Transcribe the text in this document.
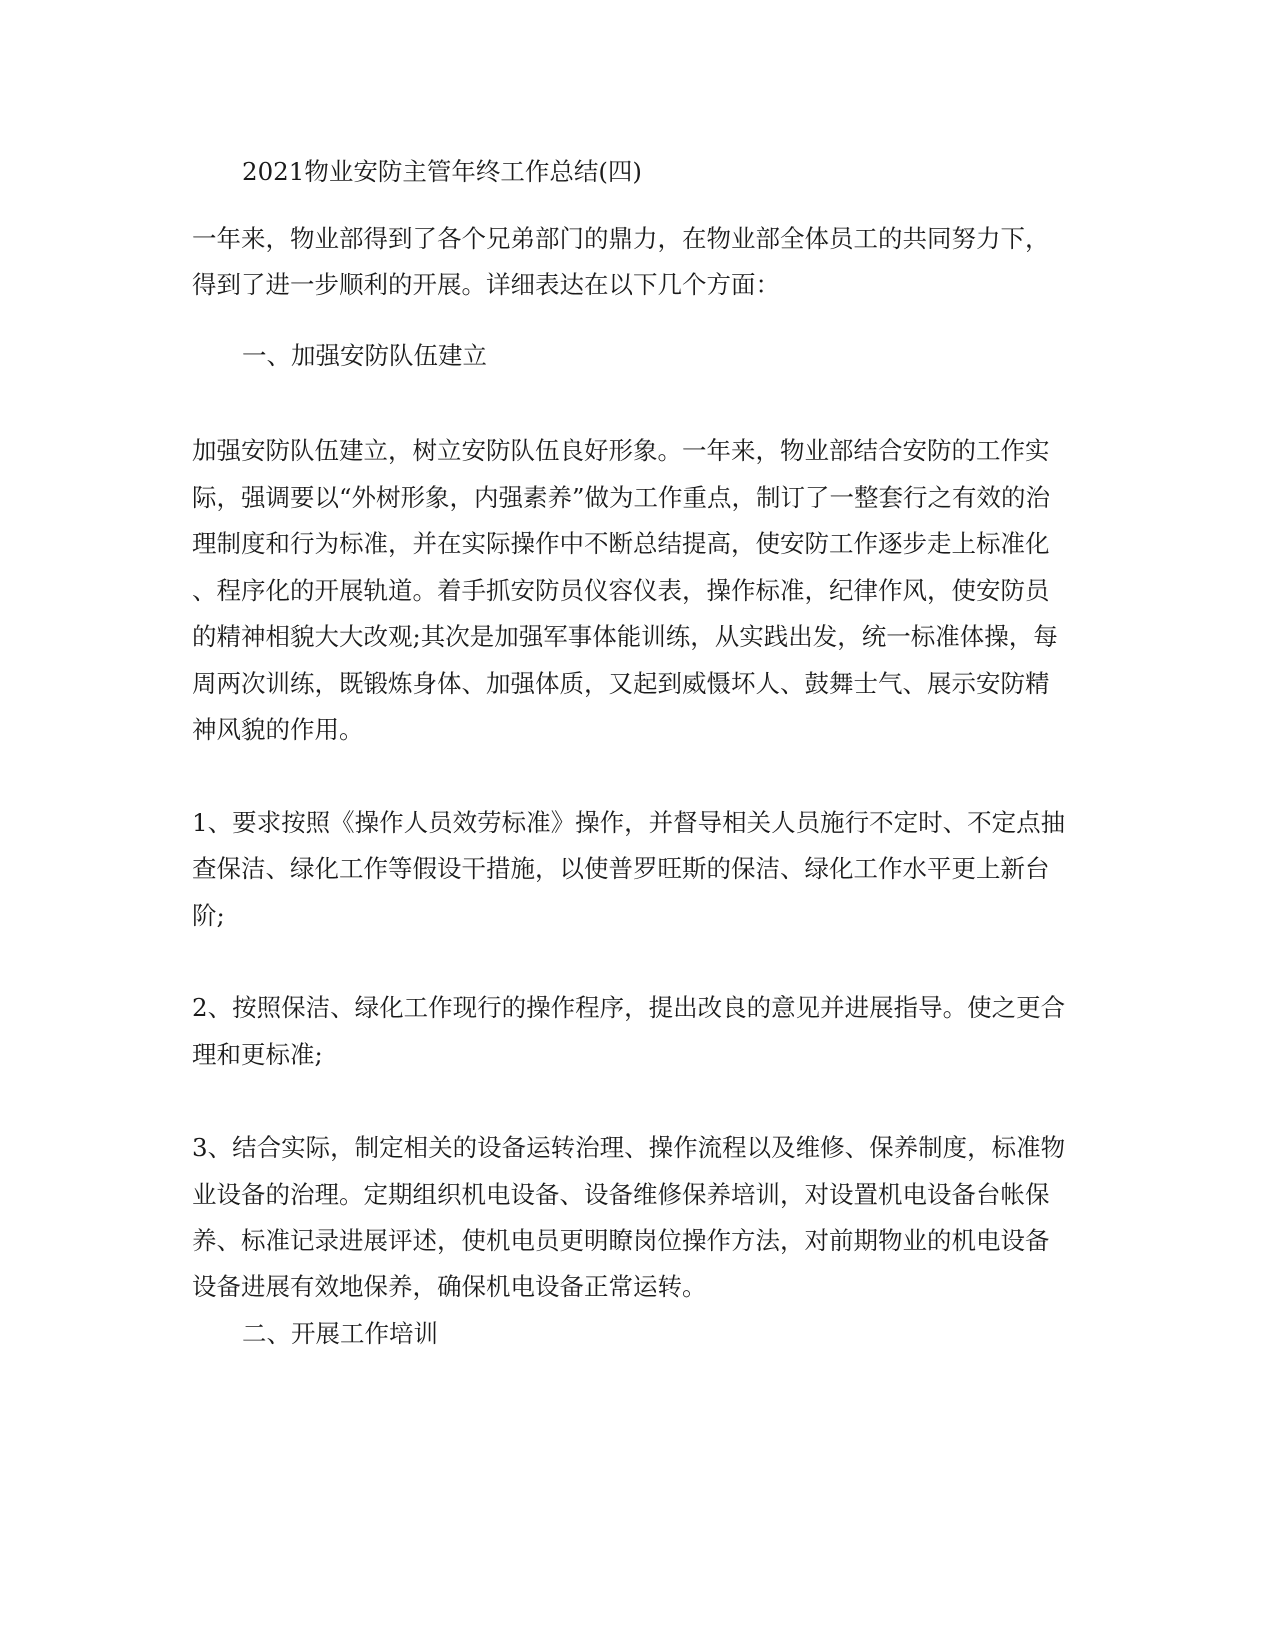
2021物业安防主管年终工作总结(四)
一年来，物业部得到了各个兄弟部门的鼎力，在物业部全体员工的共同努力下，
得到了进一步顺利的开展。详细表达在以下几个方面：
一、加强安防队伍建立
加强安防队伍建立，树立安防队伍良好形象。一年来，物业部结合安防的工作实
际，强调要以“外树形象，内强素养”做为工作重点，制订了一整套行之有效的治
理制度和行为标准，并在实际操作中不断总结提高，使安防工作逐步走上标准化
、程序化的开展轨道。着手抓安防员仪容仪表，操作标准，纪律作风，使安防员
的精神相貌大大改观;其次是加强军事体能训练，从实践出发，统一标准体操，每
周两次训练，既锻炼身体、加强体质，又起到威慑坏人、鼓舞士气、展示安防精
神风貌的作用。
1、要求按照《操作人员效劳标准》操作，并督导相关人员施行不定时、不定点抽
查保洁、绿化工作等假设干措施，以使普罗旺斯的保洁、绿化工作水平更上新台
阶;
2、按照保洁、绿化工作现行的操作程序，提出改良的意见并进展指导。使之更合
理和更标准;
3、结合实际，制定相关的设备运转治理、操作流程以及维修、保养制度，标准物
业设备的治理。定期组织机电设备、设备维修保养培训，对设置机电设备台帐保
养、标准记录进展评述，使机电员更明瞭岗位操作方法，对前期物业的机电设备
设备进展有效地保养，确保机电设备正常运转。
二、开展工作培训
